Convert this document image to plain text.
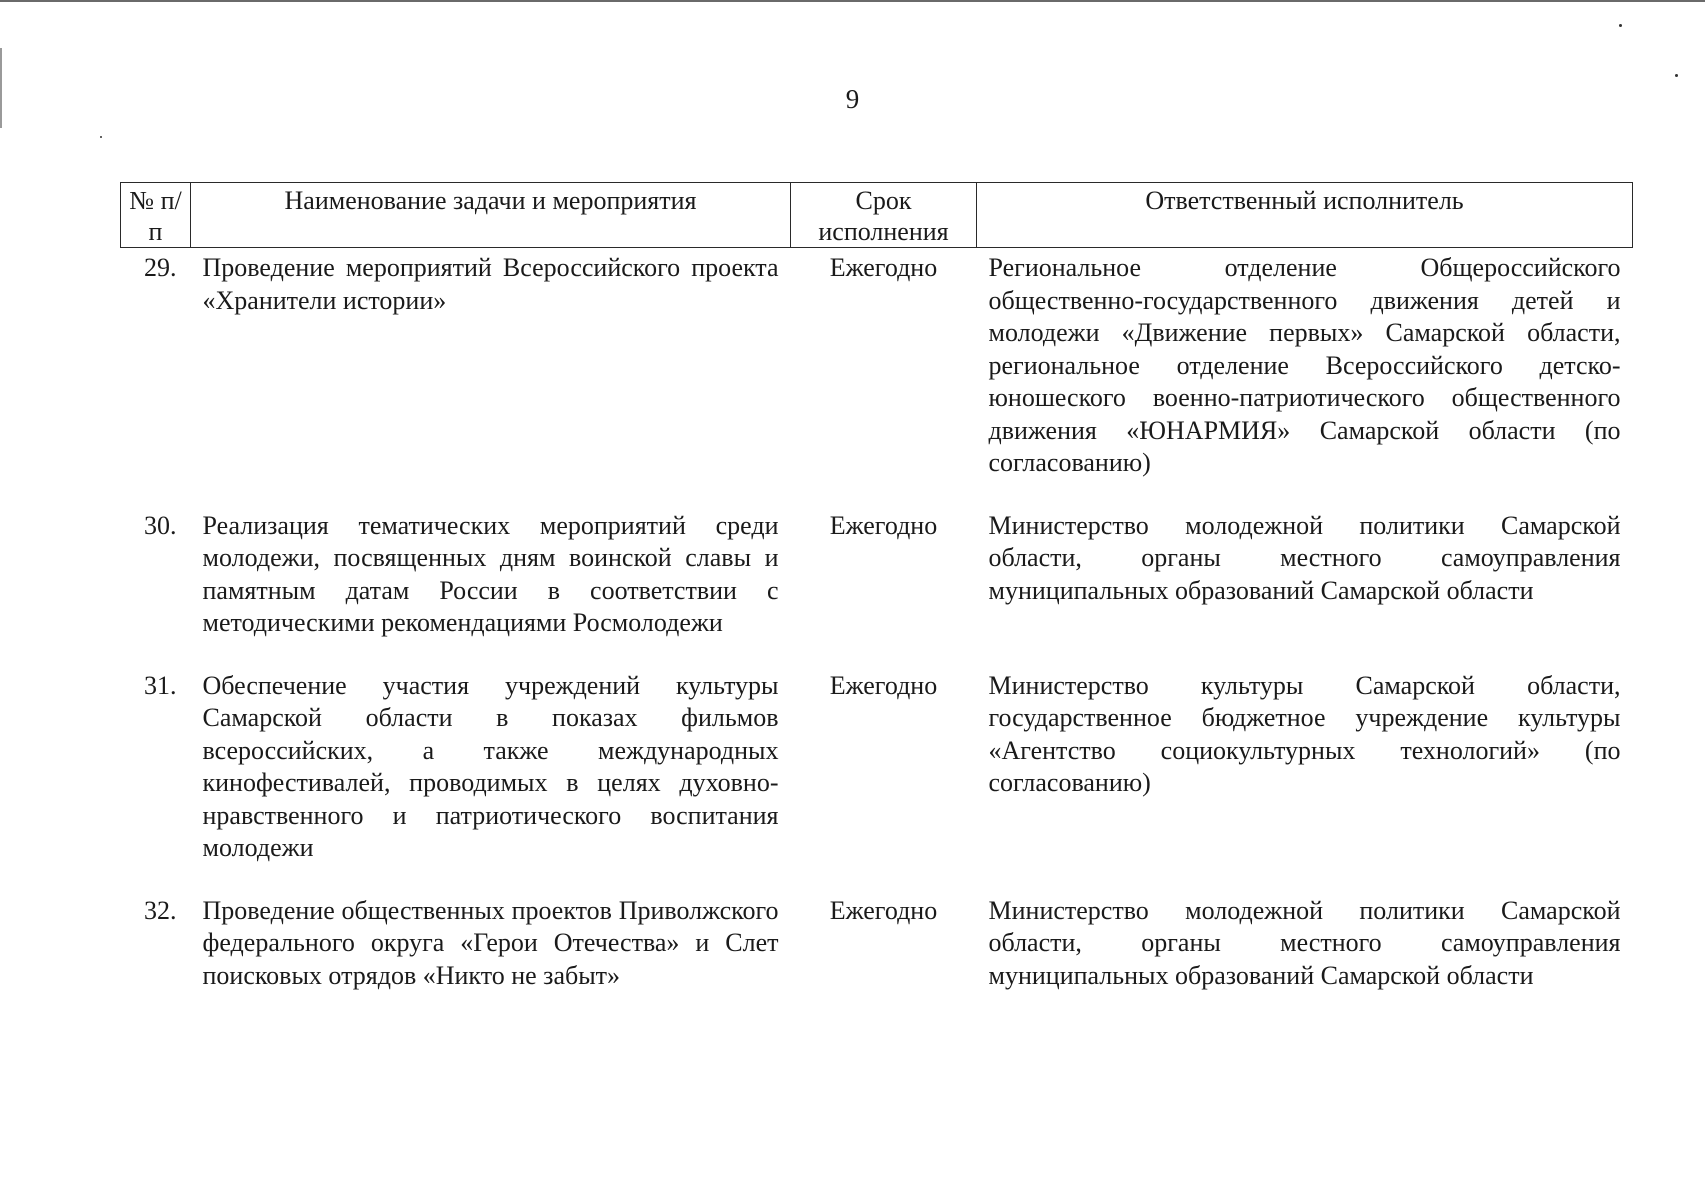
9
№ п/п	Наименование задачи и мероприятия	Срок исполнения	Ответственный исполнитель
29.	Проведение мероприятий Всероссийского проекта «Хранители истории»	Ежегодно	Региональное отделение Общероссийского общественно-государственного движения детей и молодежи «Движение первых» Самарской области, региональное отделение Всероссийского детско-юношеского военно-патриотического общественного движения «ЮНАРМИЯ» Самарской области (по согласованию)
30.	Реализация тематических мероприятий среди молодежи, посвященных дням воинской славы и памятным датам России в соответствии с методическими рекомендациями Росмолодежи	Ежегодно	Министерство молодежной политики Самарской области, органы местного самоуправления муниципальных образований Самарской области
31.	Обеспечение участия учреждений культуры Самарской области в показах фильмов всероссийских, а также международных кинофестивалей, проводимых в целях духовно-нравственного и патриотического воспитания молодежи	Ежегодно	Министерство культуры Самарской области, государственное бюджетное учреждение культуры «Агентство социокультурных технологий» (по согласованию)
32.	Проведение общественных проектов Приволжского федерального округа «Герои Отечества» и Слет поисковых отрядов «Никто не забыт»	Ежегодно	Министерство молодежной политики Самарской области, органы местного самоуправления муниципальных образований Самарской области
